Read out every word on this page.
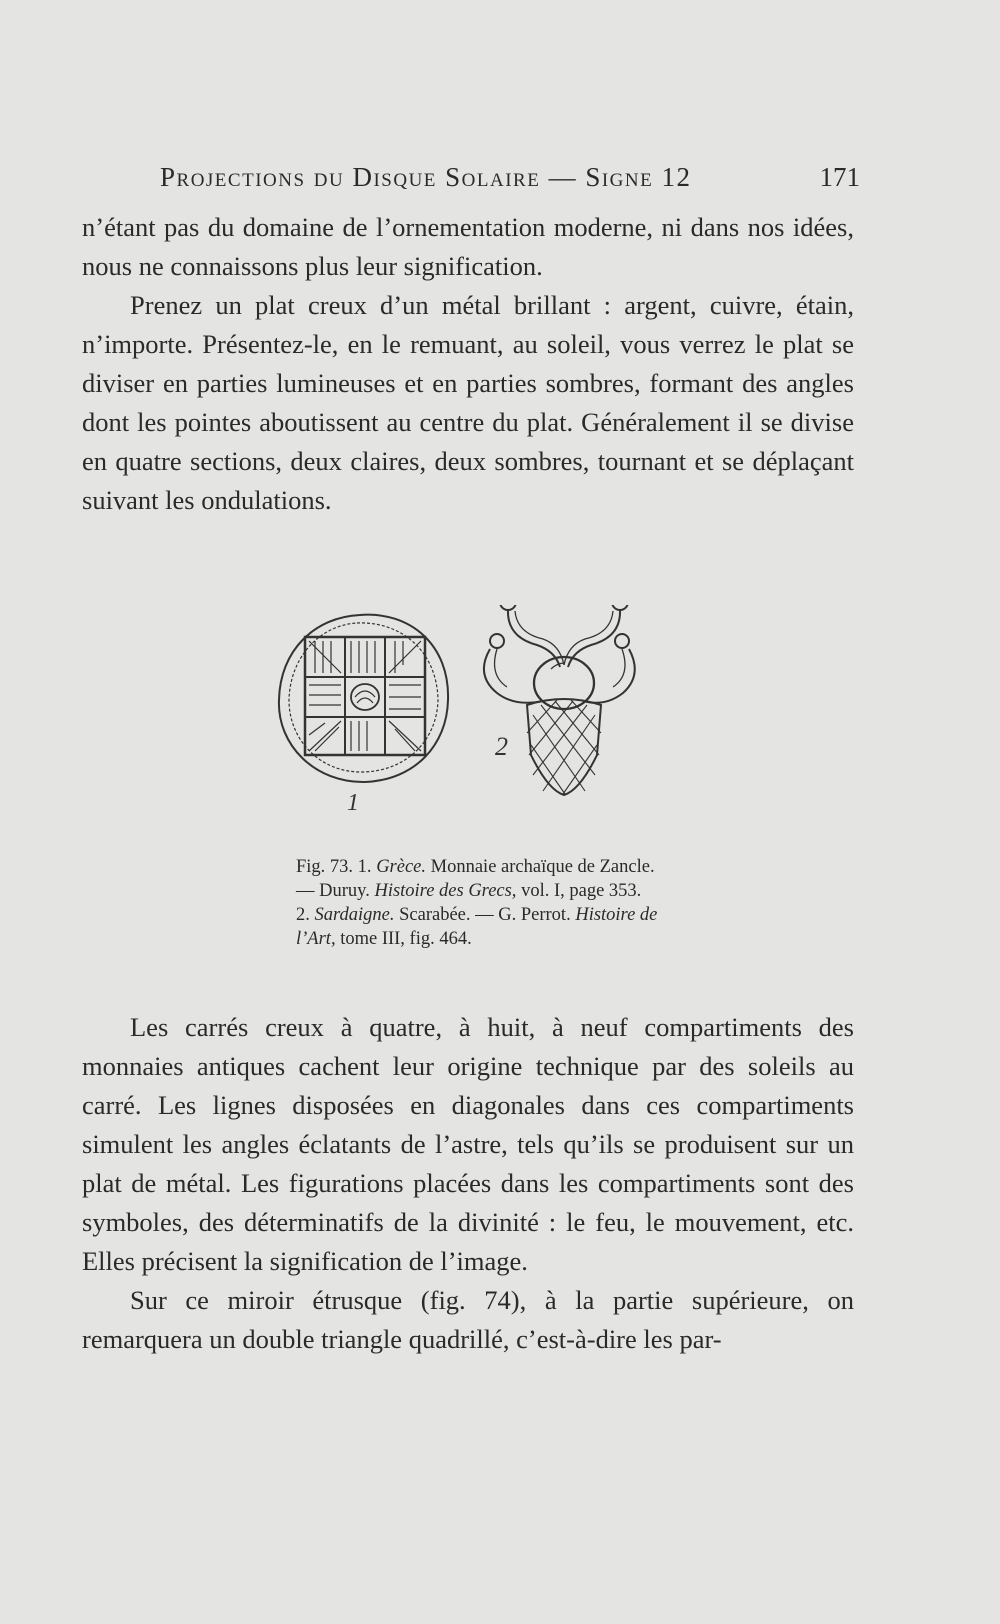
Projections du Disque Solaire — Signe 12	171

n’étant pas du domaine de l’ornementation moderne, ni dans nos idées, nous ne connaissons plus leur signification.

Prenez un plat creux d’un métal brillant : argent, cuivre, étain, n’importe. Présentez-le, en le remuant, au soleil, vous verrez le plat se diviser en parties lumineuses et en parties sombres, formant des angles dont les pointes aboutissent au centre du plat. Généralement il se divise en quatre sections, deux claires, deux sombres, tournant et se déplaçant suivant les ondulations.

1
2
Fig. 73. 1. Grèce. Monnaie archaïque de Zancle. — Duruy. Histoire des Grecs, vol. I, page 353.
2. Sardaigne. Scarabée. — G. Perrot. Histoire de l’Art, tome III, fig. 464.

Les carrés creux à quatre, à huit, à neuf compartiments des monnaies antiques cachent leur origine technique par des soleils au carré. Les lignes disposées en diagonales dans ces compartiments simulent les angles éclatants de l’astre, tels qu’ils se produisent sur un plat de métal. Les figurations placées dans les compartiments sont des symboles, des déterminatifs de la divinité : le feu, le mouvement, etc. Elles précisent la signification de l’image.

Sur ce miroir étrusque (fig. 74), à la partie supérieure, on remarquera un double triangle quadrillé, c’est-à-dire les par-
